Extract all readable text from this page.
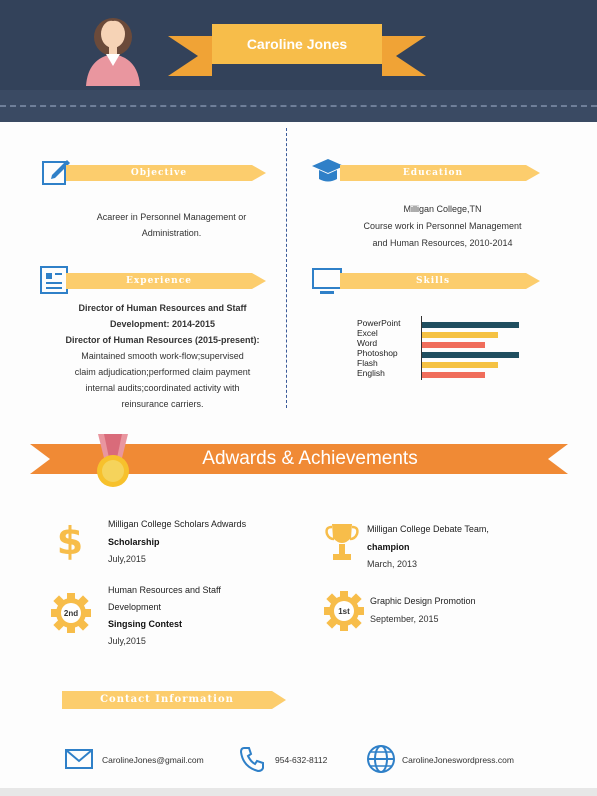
Caroline Jones
Objective
Acareer in Personnel Management or
Administration.
Education
Milligan College,TN
Course work in Personnel Management
and Human Resources, 2010-2014
Experience
Director of Human Resources and Staff
Development: 2014-2015
Director of Human Resources (2015-present):
Maintained smooth work-flow;supervised
claim adjudication;performed claim payment
internal audits;coordinated activity with
reinsurance carriers.
Skills
PowerPoint
Excel
Word
Photoshop
Flash
English
Adwards & Achievements
$	Milligan College Scholars Adwards
Scholarship
July,2015
Milligan College Debate Team,
champion
March, 2013
2nd
Human Resources and Staff
Development
Singsing Contest
July,2015
1st
Graphic Design Promotion
September, 2015
Contact Information
CarolineJones@gmail.com	954-632-8112	CarolineJoneswordpress.com
